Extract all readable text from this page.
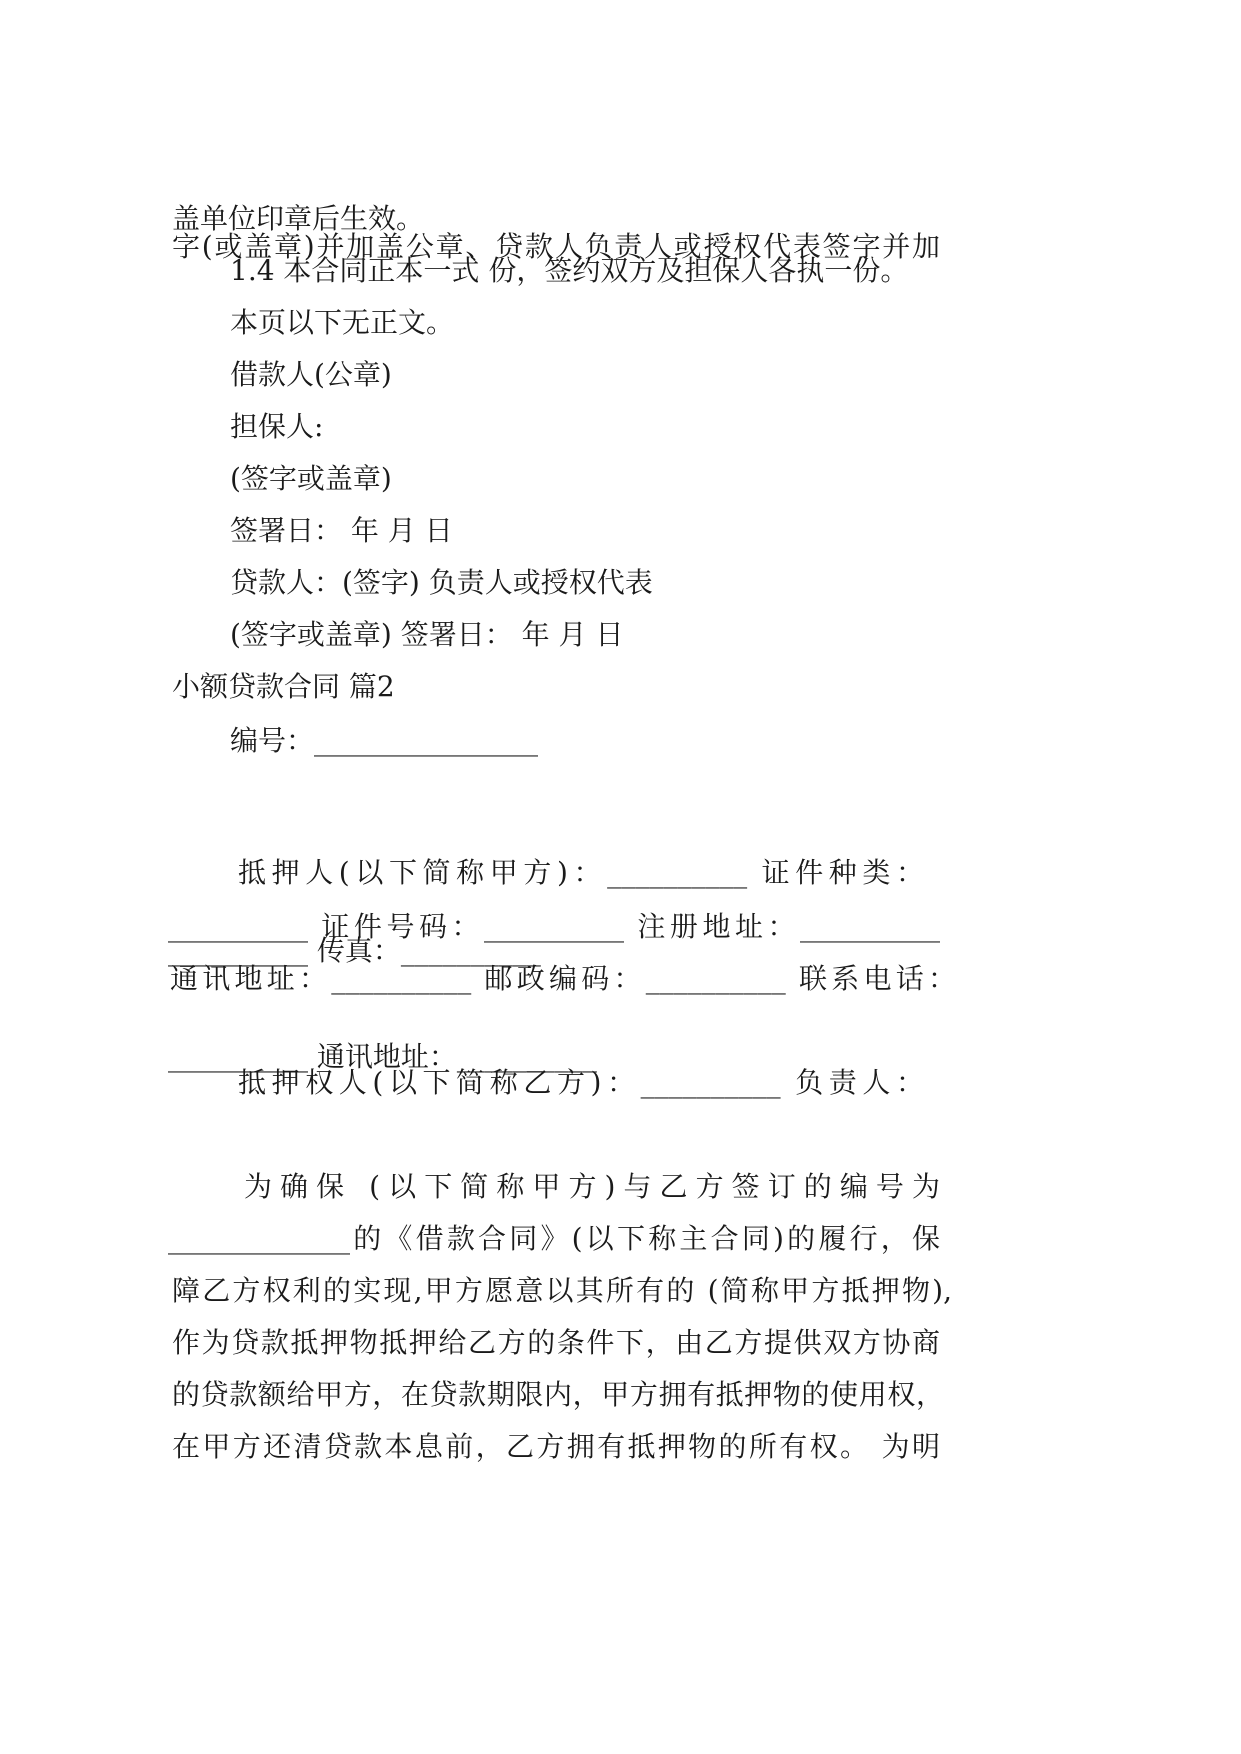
字(或盖章)并加盖公章、贷款人负责人或授权代表签字并加

盖单位印章后生效。
1.4 本合同正本一式 份，签约双方及担保人各执一份。
本页以下无正文。
借款人(公章)
担保人:
(签字或盖章)
签署日： 年 月 日
贷款人：(签字) 负责人或授权代表
(签字或盖章) 签署日： 年 月 日
小额贷款合同 篇2
编号：________________

抵押人(以下简称甲方)：__________ 证件种类：

__________ 证件号码：__________ 注册地址：__________

通讯地址：__________ 邮政编码：__________ 联系电话：

__________ 传真：__________

抵押权人(以下简称乙方)：__________ 负责人：

__________ 通讯地址：__________

为确保 (以下简称甲方)与乙方签订的编号为

_____________的《借款合同》(以下称主合同)的履行，保

障乙方权利的实现,甲方愿意以其所有的 (简称甲方抵押物),

作为贷款抵押物抵押给乙方的条件下，由乙方提供双方协商

的贷款额给甲方，在贷款期限内，甲方拥有抵押物的使用权，

在甲方还清贷款本息前，乙方拥有抵押物的所有权。 为明
